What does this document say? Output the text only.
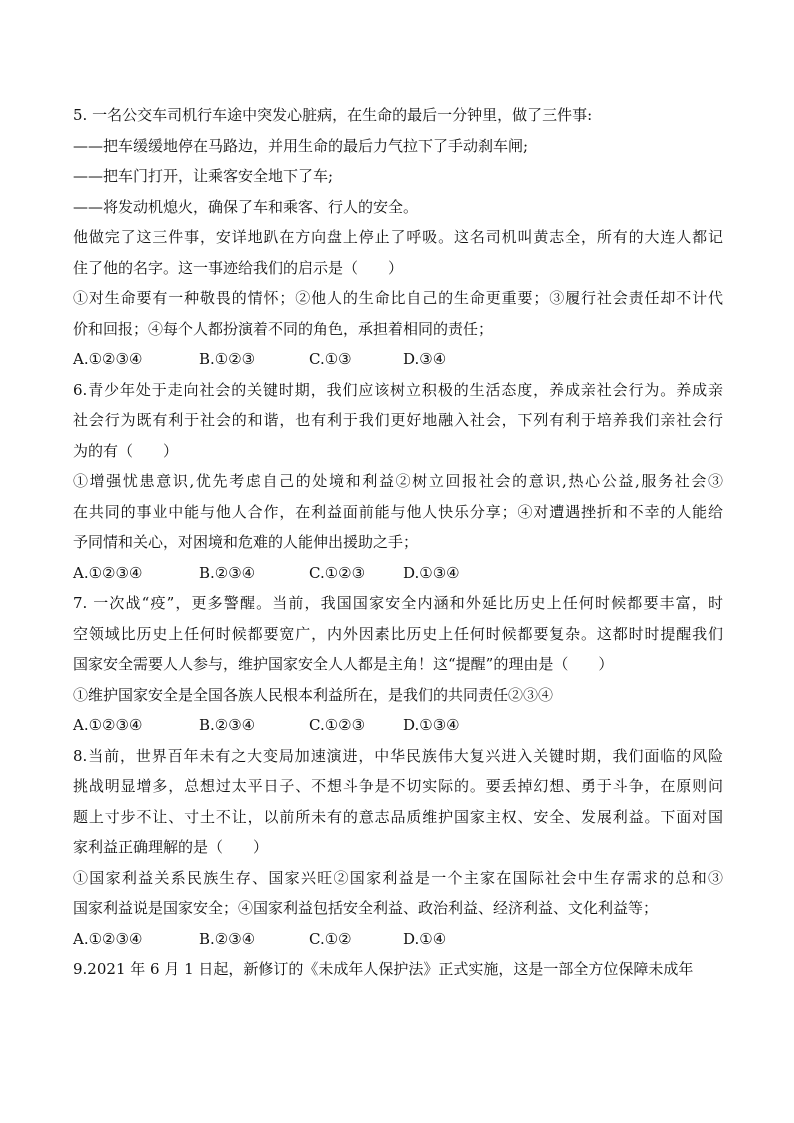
5. 一名公交车司机行车途中突发心脏病，在生命的最后一分钟里，做了三件事:
——把车缓缓地停在马路边，并用生命的最后力气拉下了手动刹车闸;
——把车门打开，让乘客安全地下了车;
——将发动机熄火，确保了车和乘客、行人的安全。
他做完了这三件事，安详地趴在方向盘上停止了呼吸。这名司机叫黄志全，所有的大连人都记
住了他的名字。这一事迹给我们的启示是（　　）
①对生命要有一种敬畏的情怀；②他人的生命比自己的生命更重要；③履行社会责任却不计代
价和回报；④每个人都扮演着不同的角色，承担着相同的责任；
A.①②③④	B.①②③	C.①③	D.③④
6.青少年处于走向社会的关键时期，我们应该树立积极的生活态度，养成亲社会行为。养成亲
社会行为既有利于社会的和谐，也有利于我们更好地融入社会，下列有利于培养我们亲社会行
为的有（　　）
①增强忧患意识,优先考虑自己的处境和利益②树立回报社会的意识,热心公益,服务社会③
在共同的事业中能与他人合作，在利益面前能与他人快乐分享；④对遭遇挫折和不幸的人能给
予同情和关心，对困境和危难的人能伸出援助之手；
A.①②③④	B.②③④	C.①②③	D.①③④
7. 一次战“疫”，更多警醒。当前，我国国家安全内涵和外延比历史上任何时候都要丰富，时
空领域比历史上任何时候都要宽广，内外因素比历史上任何时候都要复杂。这都时时提醒我们
国家安全需要人人参与，维护国家安全人人都是主角！这“提醒”的理由是（　　）
①维护国家安全是全国各族人民根本利益所在，是我们的共同责任②③④
A.①②③④	B.②③④	C.①②③	D.①③④
8.当前，世界百年未有之大变局加速演进，中华民族伟大复兴进入关键时期，我们面临的风险
挑战明显增多，总想过太平日子、不想斗争是不切实际的。要丢掉幻想、勇于斗争，在原则问
题上寸步不让、寸土不让，以前所未有的意志品质维护国家主权、安全、发展利益。下面对国
家利益正确理解的是（　　）
①国家利益关系民族生存、国家兴旺②国家利益是一个主家在国际社会中生存需求的总和③
国家利益说是国家安全；④国家利益包括安全利益、政治利益、经济利益、文化利益等；
A.①②③④	B.②③④	C.①②	D.①④
9.2021 年 6 月 1 日起，新修订的《未成年人保护法》正式实施，这是一部全方位保障未成年
